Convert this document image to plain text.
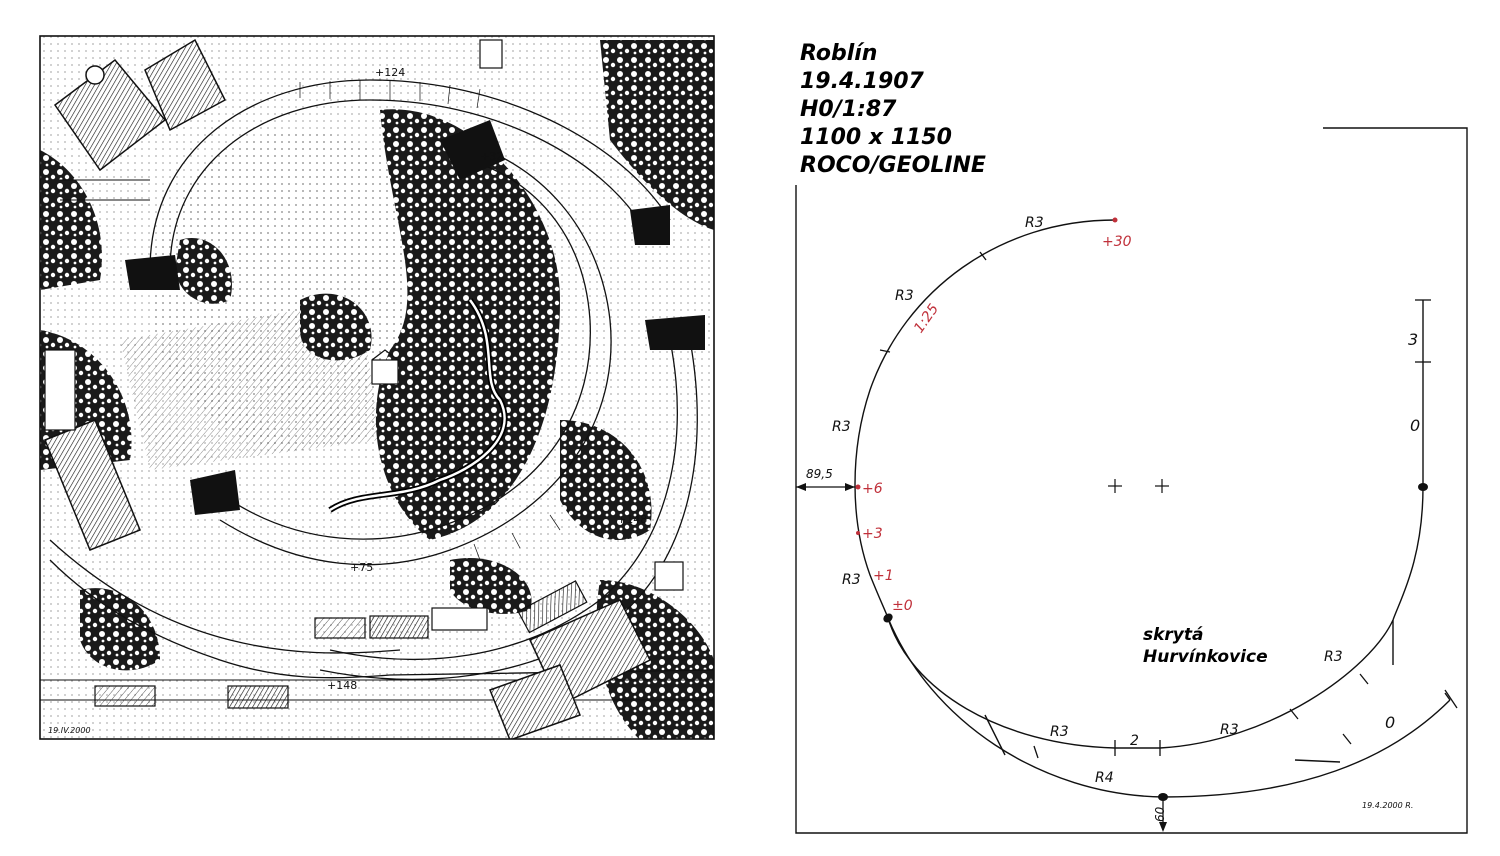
+124
+32
+75
+148
+148
19.IV.2000
R3
R3
R3
R3
R3	R3
R3
R4
89,5
60
3
0
2
0
19.4.2000 R.
+30
1:25
+6
+3
+1
±0
Roblín
19.4.1907
H0/1:87
1100 x 1150
ROCO/GEOLINE
skrytá
Hurvínkovice
